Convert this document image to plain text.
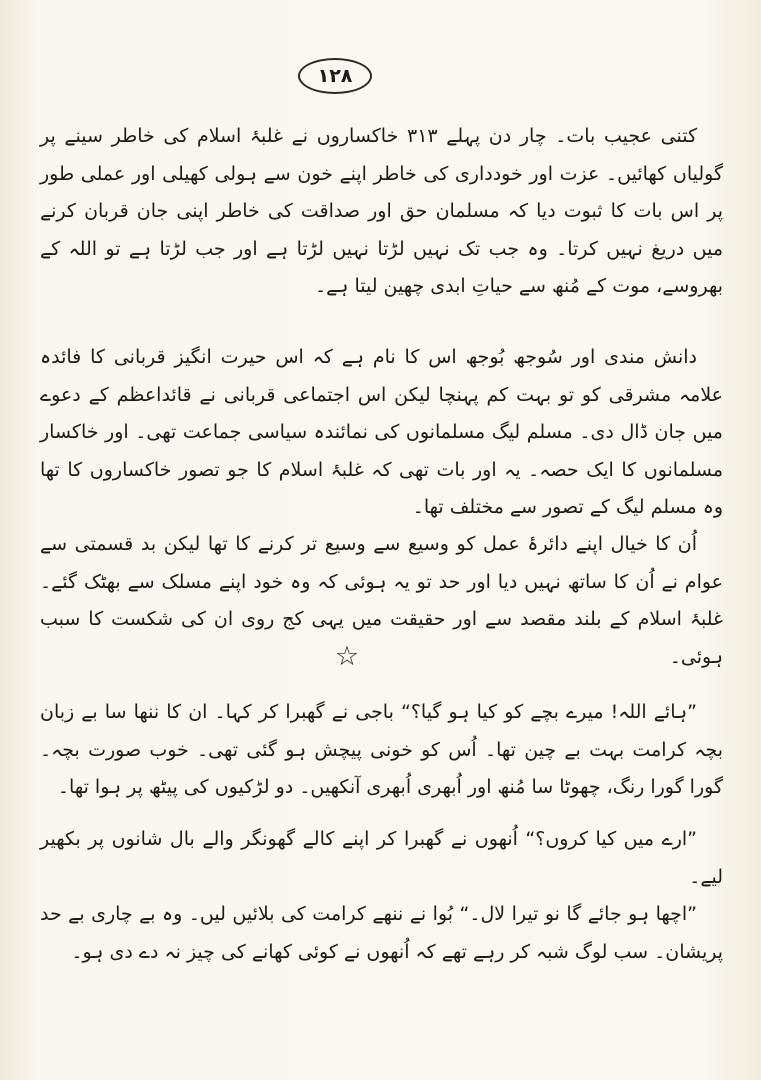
١٢٨

کتنی عجیب بات۔ چار دن پہلے ٣١٣ خاکساروں نے غلبۂ اسلام کی خاطر سینے پر گولیاں کھائیں۔ عزت اور خودداری کی خاطر اپنے خون سے ہولی کھیلی اور عملی طور پر اس بات کا ثبوت دیا کہ مسلمان حق اور صداقت کی خاطر اپنی جان قربان کرنے میں دریغ نہیں کرتا۔ وہ جب تک نہیں لڑتا نہیں لڑتا ہے اور جب لڑتا ہے تو اللہ کے بھروسے، موت کے مُنھ سے حیاتِ ابدی چھین لیتا ہے۔

دانش مندی اور سُوجھ بُوجھ اس کا نام ہے کہ اس حیرت انگیز قربانی کا فائدہ علامہ مشرقی کو تو بہت کم پہنچا لیکن اس اجتماعی قربانی نے قائداعظم کے دعوے میں جان ڈال دی۔ مسلم لیگ مسلمانوں کی نمائندہ سیاسی جماعت تھی۔ اور خاکسار مسلمانوں کا ایک حصہ۔ یہ اور بات تھی کہ غلبۂ اسلام کا جو تصور خاکساروں کا تھا وہ مسلم لیگ کے تصور سے مختلف تھا۔

اُن کا خیال اپنے دائرۂ عمل کو وسیع سے وسیع تر کرنے کا تھا لیکن بد قسمتی سے عوام نے اُن کا ساتھ نہیں دیا اور حد تو یہ ہوئی کہ وہ خود اپنے مسلک سے بھٹک گئے۔ غلبۂ اسلام کے بلند مقصد سے اور حقیقت میں یہی کج روی ان کی شکست کا سبب ہوئی۔

☆

”ہائے اللہ! میرے بچے کو کیا ہو گیا؟“ باجی نے گھبرا کر کہا۔ ان کا ننھا سا بے زبان بچہ کرامت بہت بے چین تھا۔ اُس کو خونی پیچش ہو گئی تھی۔ خوب صورت بچہ۔ گورا گورا رنگ، چھوٹا سا مُنھ اور اُبھری اُبھری آنکھیں۔ دو لڑکیوں کی پیٹھ پر ہوا تھا۔

”ارے میں کیا کروں؟“ اُنھوں نے گھبرا کر اپنے کالے گھونگر والے بال شانوں پر بکھیر لیے۔

”اچھا ہو جائے گا نو تیرا لال۔“ بُوا نے ننھے کرامت کی بلائیں لیں۔ وہ بے چاری بے حد پریشان۔ سب لوگ شبہ کر رہے تھے کہ اُنھوں نے کوئی کھانے کی چیز نہ دے دی ہو۔
